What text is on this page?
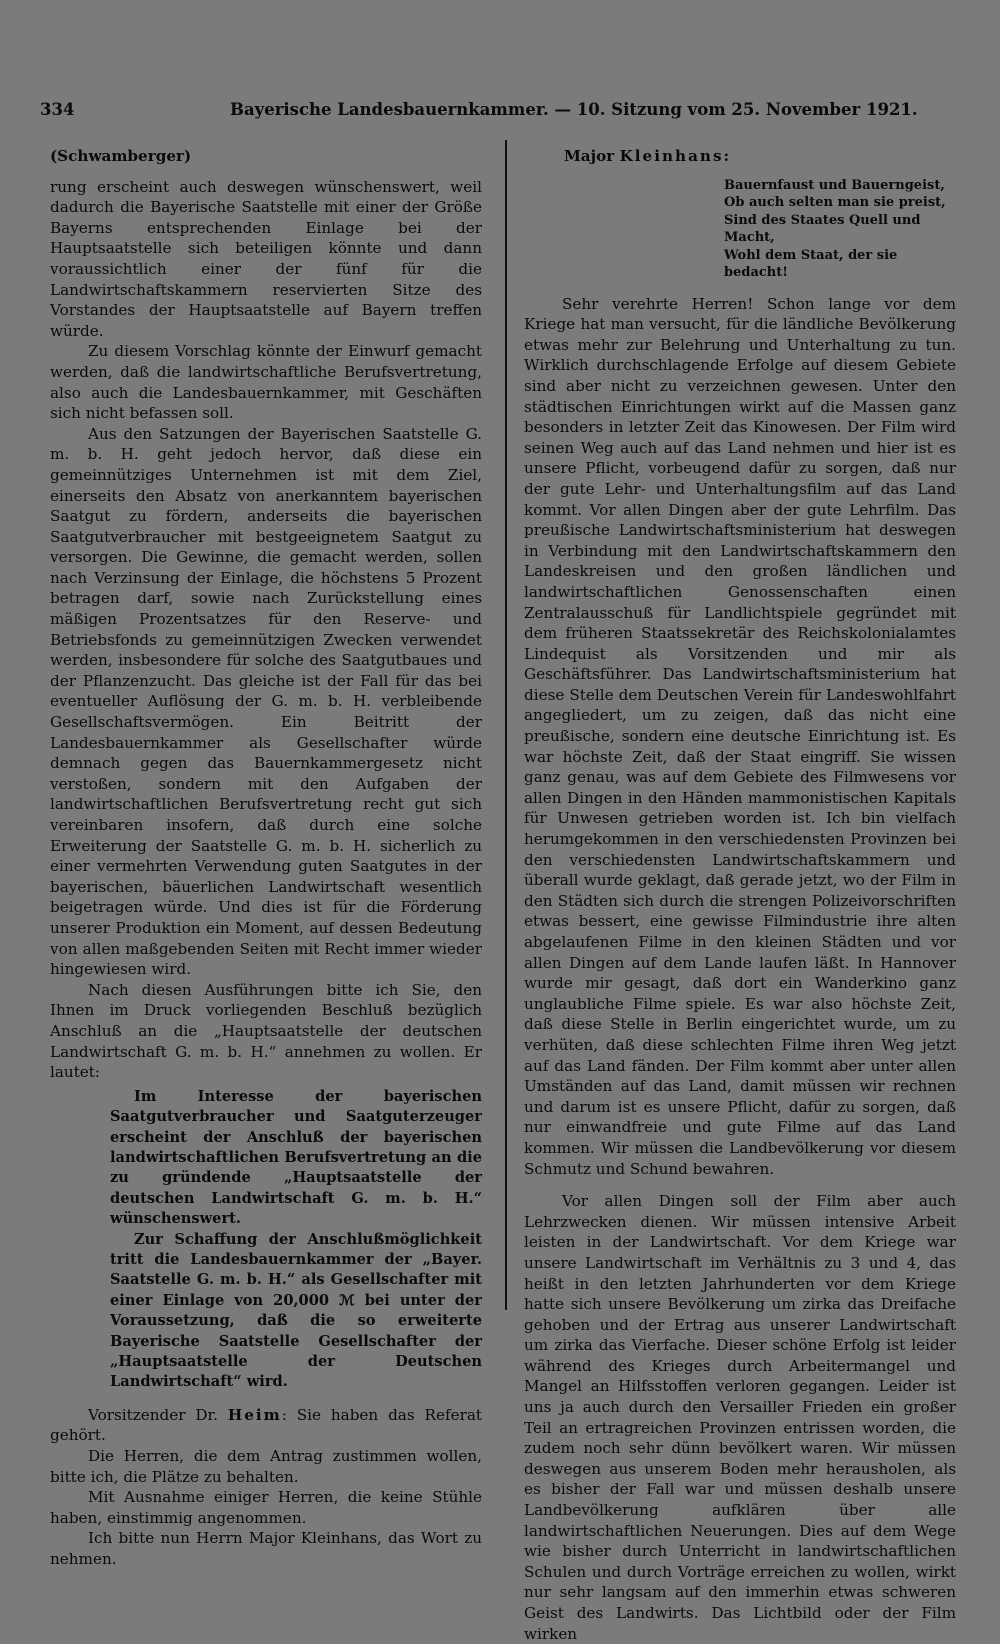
334	Bayerische Landesbauernkammer. — 10. Sitzung vom 25. November 1921.

(Schwamberger)

rung erscheint auch deswegen wünschenswert, weil dadurch die Bayerische Saatstelle mit einer der Größe Bayerns entsprechenden Einlage bei der Hauptsaatstelle sich beteiligen könnte und dann voraussichtlich einer der fünf für die Landwirtschaftskammern reservierten Sitze des Vorstandes der Hauptsaatstelle auf Bayern treffen würde.

Zu diesem Vorschlag könnte der Einwurf gemacht werden, daß die landwirtschaftliche Berufsvertretung, also auch die Landesbauernkammer, mit Geschäften sich nicht befassen soll.

Aus den Satzungen der Bayerischen Saatstelle G. m. b. H. geht jedoch hervor, daß diese ein gemeinnütziges Unternehmen ist mit dem Ziel, einerseits den Absatz von anerkanntem bayerischen Saatgut zu fördern, anderseits die bayerischen Saatgutverbraucher mit bestgeeignetem Saatgut zu versorgen. Die Gewinne, die gemacht werden, sollen nach Verzinsung der Einlage, die höchstens 5 Prozent betragen darf, sowie nach Zurückstellung eines mäßigen Prozentsatzes für den Reserve- und Betriebsfonds zu gemeinnützigen Zwecken verwendet werden, insbesondere für solche des Saatgutbaues und der Pflanzenzucht. Das gleiche ist der Fall für das bei eventueller Auflösung der G. m. b. H. verbleibende Gesellschaftsvermögen. Ein Beitritt der Landesbauernkammer als Gesellschafter würde demnach gegen das Bauernkammergesetz nicht verstoßen, sondern mit den Aufgaben der landwirtschaftlichen Berufsvertretung recht gut sich vereinbaren insofern, daß durch eine solche Erweiterung der Saatstelle G. m. b. H. sicherlich zu einer vermehrten Verwendung guten Saatgutes in der bayerischen, bäuerlichen Landwirtschaft wesentlich beigetragen würde. Und dies ist für die Förderung unserer Produktion ein Moment, auf dessen Bedeutung von allen maßgebenden Seiten mit Recht immer wieder hingewiesen wird.

Nach diesen Ausführungen bitte ich Sie, den Ihnen im Druck vorliegenden Beschluß bezüglich Anschluß an die „Hauptsaatstelle der deutschen Landwirtschaft G. m. b. H.“ annehmen zu wollen. Er lautet:

Im Interesse der bayerischen Saatgutverbraucher und Saatguterzeuger erscheint der Anschluß der bayerischen landwirtschaftlichen Berufsvertretung an die zu gründende „Hauptsaatstelle der deutschen Landwirtschaft G. m. b. H.“ wünschenswert.

Zur Schaffung der Anschlußmöglichkeit tritt die Landesbauernkammer der „Bayer. Saatstelle G. m. b. H.“ als Gesellschafter mit einer Einlage von 20,000 ℳ bei unter der Voraussetzung, daß die so erweiterte Bayerische Saatstelle Gesellschafter der „Hauptsaatstelle der Deutschen Landwirtschaft“ wird.

Vorsitzender Dr. Heim: Sie haben das Referat gehört.

Die Herren, die dem Antrag zustimmen wollen, bitte ich, die Plätze zu behalten.

Mit Ausnahme einiger Herren, die keine Stühle haben, einstimmig angenommen.

Ich bitte nun Herrn Major Kleinhans, das Wort zu nehmen.

Major Kleinhans:

Bauernfaust und Bauerngeist,
Ob auch selten man sie preist,
Sind des Staates Quell und Macht,
Wohl dem Staat, der sie bedacht!

Sehr verehrte Herren! Schon lange vor dem Kriege hat man versucht, für die ländliche Bevölkerung etwas mehr zur Belehrung und Unterhaltung zu tun. Wirklich durchschlagende Erfolge auf diesem Gebiete sind aber nicht zu verzeichnen gewesen. Unter den städtischen Einrichtungen wirkt auf die Massen ganz besonders in letzter Zeit das Kinowesen. Der Film wird seinen Weg auch auf das Land nehmen und hier ist es unsere Pflicht, vorbeugend dafür zu sorgen, daß nur der gute Lehr- und Unterhaltungsfilm auf das Land kommt. Vor allen Dingen aber der gute Lehrfilm. Das preußische Landwirtschaftsministerium hat deswegen in Verbindung mit den Landwirtschaftskammern den Landeskreisen und den großen ländlichen und landwirtschaftlichen Genossenschaften einen Zentralausschuß für Landlichtspiele gegründet mit dem früheren Staatssekretär des Reichskolonialamtes Lindequist als Vorsitzenden und mir als Geschäftsführer. Das Landwirtschaftsministerium hat diese Stelle dem Deutschen Verein für Landeswohlfahrt angegliedert, um zu zeigen, daß das nicht eine preußische, sondern eine deutsche Einrichtung ist. Es war höchste Zeit, daß der Staat eingriff. Sie wissen ganz genau, was auf dem Gebiete des Filmwesens vor allen Dingen in den Händen mammonistischen Kapitals für Unwesen getrieben worden ist. Ich bin vielfach herumgekommen in den verschiedensten Provinzen bei den verschiedensten Landwirtschaftskammern und überall wurde geklagt, daß gerade jetzt, wo der Film in den Städten sich durch die strengen Polizeivorschriften etwas bessert, eine gewisse Filmindustrie ihre alten abgelaufenen Filme in den kleinen Städten und vor allen Dingen auf dem Lande laufen läßt. In Hannover wurde mir gesagt, daß dort ein Wanderkino ganz unglaubliche Filme spiele. Es war also höchste Zeit, daß diese Stelle in Berlin eingerichtet wurde, um zu verhüten, daß diese schlechten Filme ihren Weg jetzt auf das Land fänden. Der Film kommt aber unter allen Umständen auf das Land, damit müssen wir rechnen und darum ist es unsere Pflicht, dafür zu sorgen, daß nur einwandfreie und gute Filme auf das Land kommen. Wir müssen die Landbevölkerung vor diesem Schmutz und Schund bewahren.

Vor allen Dingen soll der Film aber auch Lehrzwecken dienen. Wir müssen intensive Arbeit leisten in der Landwirtschaft. Vor dem Kriege war unsere Landwirtschaft im Verhältnis zu 3 und 4, das heißt in den letzten Jahrhunderten vor dem Kriege hatte sich unsere Bevölkerung um zirka das Dreifache gehoben und der Ertrag aus unserer Landwirtschaft um zirka das Vierfache. Dieser schöne Erfolg ist leider während des Krieges durch Arbeitermangel und Mangel an Hilfsstoffen verloren gegangen. Leider ist uns ja auch durch den Versailler Frieden ein großer Teil an ertragreichen Provinzen entrissen worden, die zudem noch sehr dünn bevölkert waren. Wir müssen deswegen aus unserem Boden mehr herausholen, als es bisher der Fall war und müssen deshalb unsere Landbevölkerung aufklären über alle landwirtschaftlichen Neuerungen. Dies auf dem Wege wie bisher durch Unterricht in landwirtschaftlichen Schulen und durch Vorträge erreichen zu wollen, wirkt nur sehr langsam auf den immerhin etwas schweren Geist des Landwirts. Das Lichtbild oder der Film wirken
